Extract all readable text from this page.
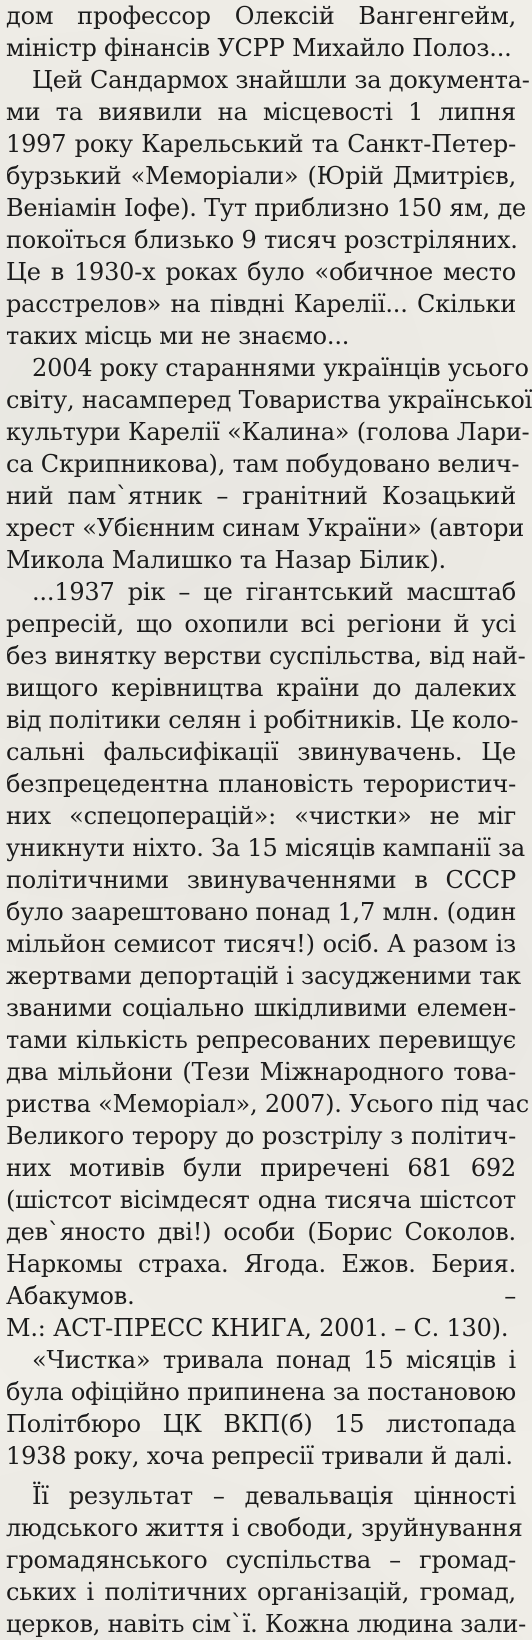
дом профессор Олексій Вангенгейм,
міністр фінансів УСРР Михайло Полоз...
Цей Сандармох знайшли за документа-
ми та виявили на місцевості 1 липня
1997 року Карельський та Санкт-Петер-
бурзький «Меморіали» (Юрій Дмитрієв,
Веніамін Іофе). Тут приблизно 150 ям, де
покоїться близько 9 тисяч розстріляних.
Це в 1930-х роках було «обичное место
расстрелов» на півдні Карелії... Скільки
таких місць ми не знаємо...
2004 року стараннями українців усього
світу, насамперед Товариства української
культури Карелії «Калина» (голова Лари-
са Скрипникова), там побудовано велич-
ний пам`ятник – гранітний Козацький
хрест «Убієнним синам України» (автори
Микола Малишко та Назар Білик).
...1937 рік – це гігантський масштаб
репресій, що охопили всі регіони й усі
без винятку верстви суспільства, від най-
вищого керівництва країни до далеких
від політики селян і робітників. Це коло-
сальні фальсифікації звинувачень. Це
безпрецедентна плановість терористич-
них «спецоперацій»: «чистки» не міг
уникнути ніхто. За 15 місяців кампанії за
політичними звинуваченнями в СССР
було заарештовано понад 1,7 млн. (один
мільйон семисот тисяч!) осіб. А разом із
жертвами депортацій і засудженими так
званими соціально шкідливими елемен-
тами кількість репресованих перевищує
два мільйони (Тези Міжнародного това-
риства «Меморіал», 2007). Усього під час
Великого терору до розстрілу з політич-
них мотивів були приречені 681 692
(шістсот вісімдесят одна тисяча шістсот
дев`яносто дві!) особи (Борис Соколов.
Наркомы страха. Ягода. Ежов. Берия.
Абакумов. –
М.: АСТ-ПРЕСС КНИГА, 2001. – С. 130).
«Чистка» тривала понад 15 місяців і
була офіційно припинена за постановою
Політбюро ЦК ВКП(б) 15 листопада
1938 року, хоча репресії тривали й далі.
Її результат – девальвація цінності
людського життя і свободи, зруйнування
громадянського суспільства – громад-
ських і політичних організацій, громад,
церков, навіть сім`ї. Кожна людина зали-
